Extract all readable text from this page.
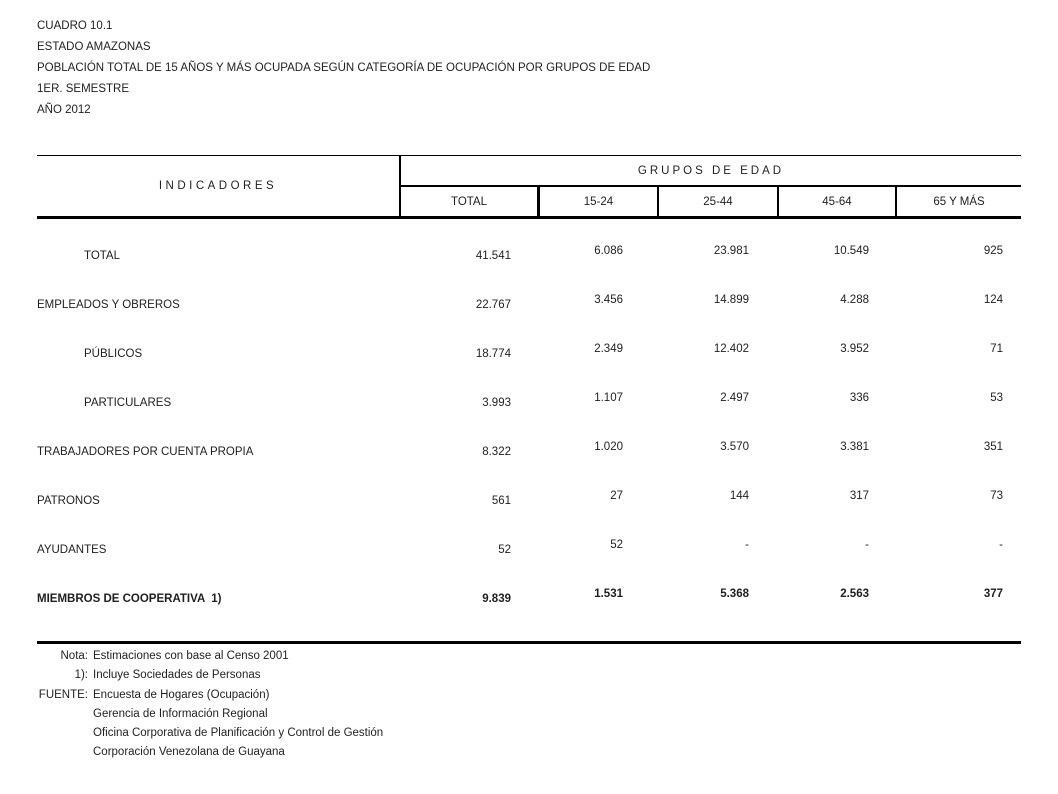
CUADRO 10.1
ESTADO AMAZONAS
POBLACIÓN TOTAL DE 15 AÑOS Y MÁS OCUPADA SEGÚN CATEGORÍA DE OCUPACIÓN POR GRUPOS DE EDAD
1ER. SEMESTRE
AÑO 2012
INDICADORES
GRUPOS DE EDAD
TOTAL	15-24	25-44	45-64	65 Y MÁS
TOTAL	41.541	6.086	23.981	10.549	925
EMPLEADOS Y OBREROS	22.767	3.456	14.899	4.288	124
PÚBLICOS	18.774	2.349	12.402	3.952	71
PARTICULARES	3.993	1.107	2.497	336	53
TRABAJADORES POR CUENTA PROPIA	8.322	1.020	3.570	3.381	351
PATRONOS	561	27	144	317	73
AYUDANTES	52	52	-	-	-
MIEMBROS DE COOPERATIVA  1)	9.839	1.531	5.368	2.563	377
Nota: Estimaciones con base al Censo 2001
1): Incluye Sociedades de Personas
FUENTE: Encuesta de Hogares (Ocupación)
Gerencia de Información Regional
Oficina Corporativa de Planificación y Control de Gestión
Corporación Venezolana de Guayana
